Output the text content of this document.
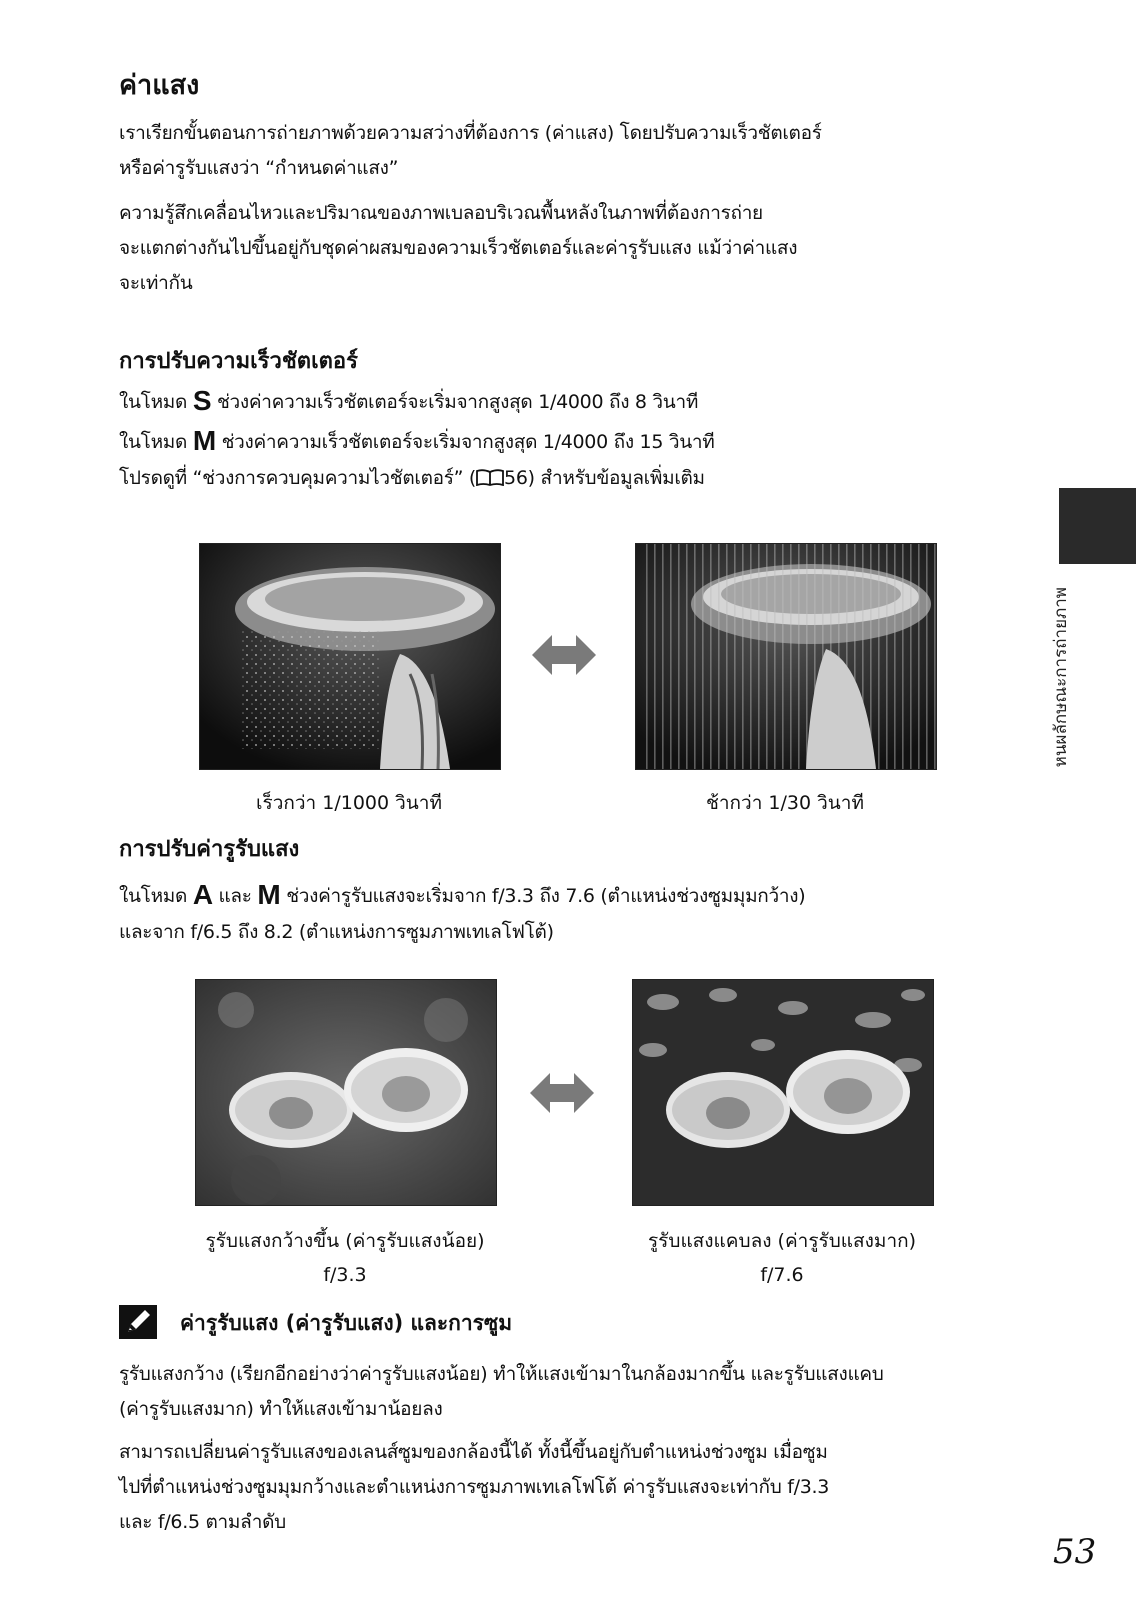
ค่าแสง
เราเรียกขั้นตอนการถ่ายภาพด้วยความสว่างที่ต้องการ (ค่าแสง) โดยปรับความเร็วชัตเตอร์
หรือค่ารูรับแสงว่า “กำหนดค่าแสง”
ความรู้สึกเคลื่อนไหวและปริมาณของภาพเบลอบริเวณพื้นหลังในภาพที่ต้องการถ่าย
จะแตกต่างกันไปขึ้นอยู่กับชุดค่าผสมของความเร็วชัตเตอร์และค่ารูรับแสง แม้ว่าค่าแสง
จะเท่ากัน
การปรับความเร็วชัตเตอร์
ในโหมด S ช่วงค่าความเร็วชัตเตอร์จะเริ่มจากสูงสุด 1/4000 ถึง 8 วินาที
ในโหมด M ช่วงค่าความเร็วชัตเตอร์จะเริ่มจากสูงสุด 1/4000 ถึง 15 วินาที
โปรดดูที่ “ช่วงการควบคุมความไวชัตเตอร์” ( 56) สำหรับข้อมูลเพิ่มเติม
เร็วกว่า 1/1000 วินาที	ช้ากว่า 1/30 วินาที
การปรับค่ารูรับแสง
ในโหมด A และ M ช่วงค่ารูรับแสงจะเริ่มจาก f/3.3 ถึง 7.6 (ตำแหน่งช่วงซูมมุมกว้าง)
และจาก f/6.5 ถึง 8.2 (ตำแหน่งการซูมภาพเทเลโฟโต้)
รูรับแสงกว้างขึ้น (ค่ารูรับแสงน้อย)
f/3.3
รูรับแสงแคบลง (ค่ารูรับแสงมาก)
f/7.6
ค่ารูรับแสง (ค่ารูรับแสง) และการซูม
รูรับแสงกว้าง (เรียกอีกอย่างว่าค่ารูรับแสงน้อย) ทำให้แสงเข้ามาในกล้องมากขึ้น และรูรับแสงแคบ
(ค่ารูรับแสงมาก) ทำให้แสงเข้ามาน้อยลง
สามารถเปลี่ยนค่ารูรับแสงของเลนส์ซูมของกล้องนี้ได้ ทั้งนี้ขึ้นอยู่กับตำแหน่งช่วงซูม เมื่อซูม
ไปที่ตำแหน่งช่วงซูมมุมกว้างและตำแหน่งการซูมภาพเทเลโฟโต้ ค่ารูรับแสงจะเท่ากับ f/3.3
และ f/6.5 ตามลำดับ
หนผลักษณะการถ่ายภาพ
53
